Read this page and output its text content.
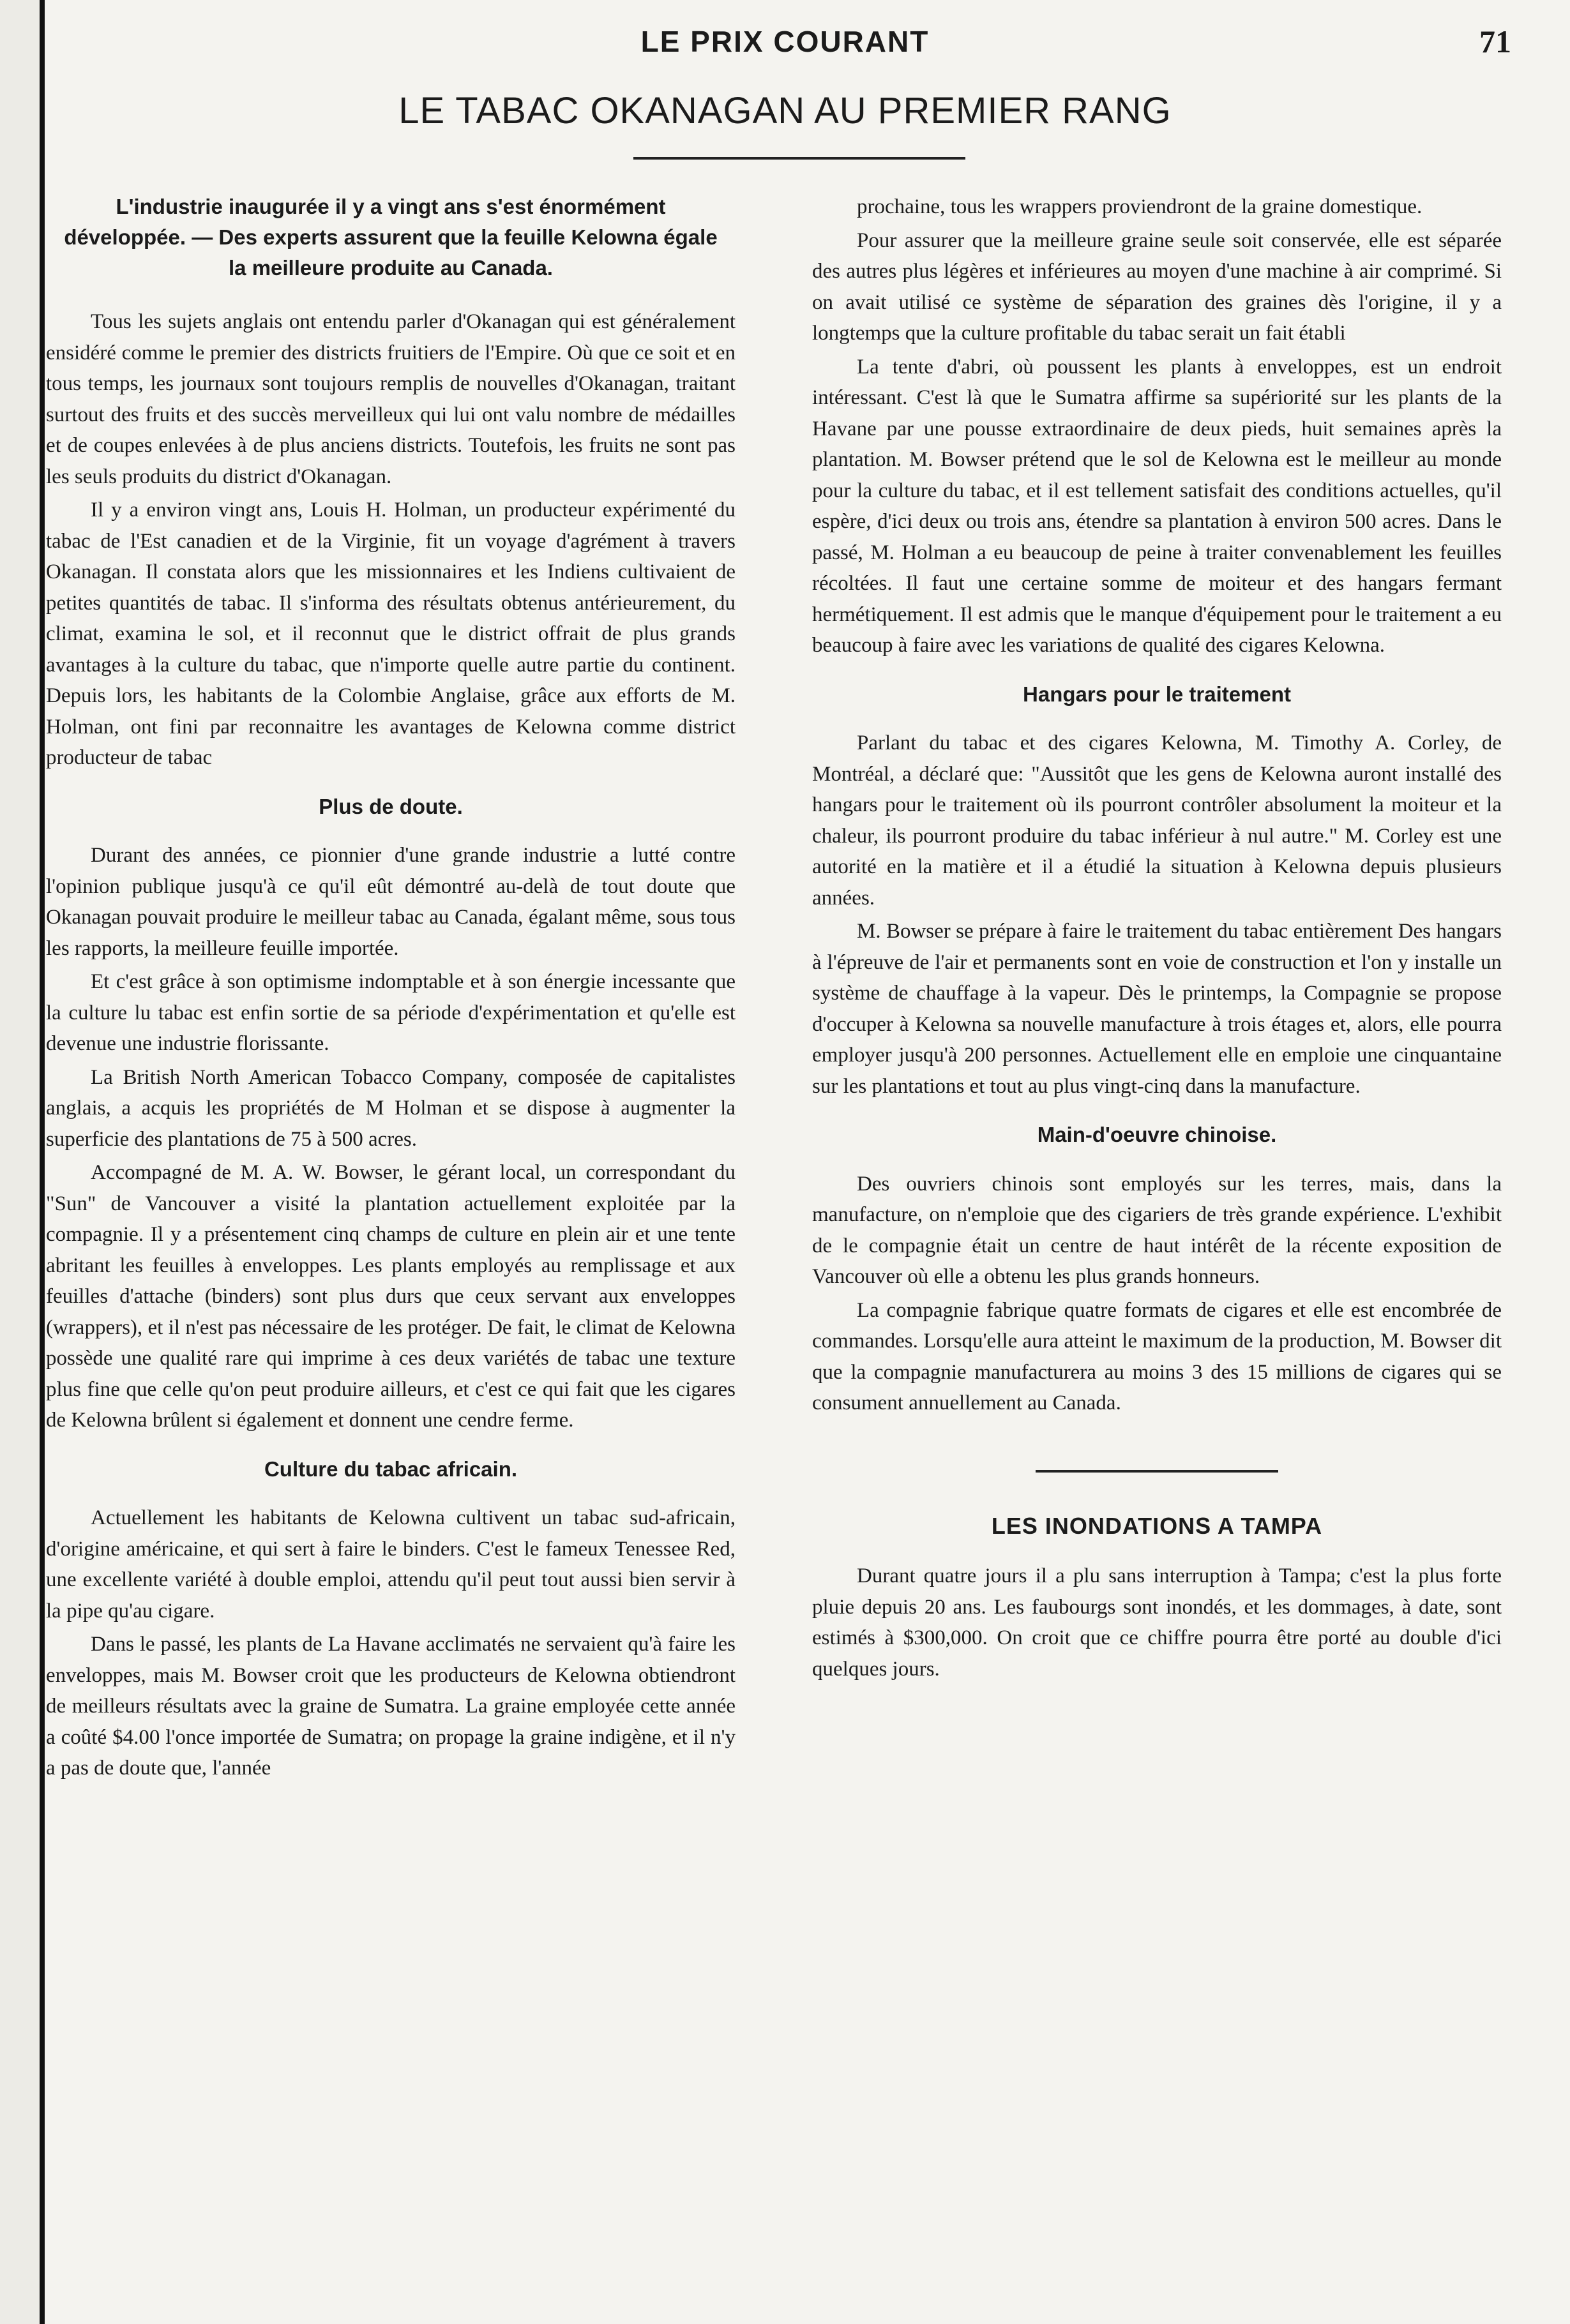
LE PRIX COURANT	71
LE TABAC OKANAGAN AU PREMIER RANG
L'industrie inaugurée il y a vingt ans s'est énormément développée. — Des experts assurent que la feuille Kelowna égale la meilleure produite au Canada.

Tous les sujets anglais ont entendu parler d'Okanagan qui est généralement ensidéré comme le premier des districts fruitiers de l'Empire. Où que ce soit et en tous temps, les journaux sont toujours remplis de nouvelles d'Okanagan, traitant surtout des fruits et des succès merveilleux qui lui ont valu nombre de médailles et de coupes enlevées à de plus anciens districts. Toutefois, les fruits ne sont pas les seuls produits du district d'Okanagan.

Il y a environ vingt ans, Louis H. Holman, un producteur expérimenté du tabac de l'Est canadien et de la Virginie, fit un voyage d'agrément à travers Okanagan. Il constata alors que les missionnaires et les Indiens cultivaient de petites quantités de tabac. Il s'informa des résultats obtenus antérieurement, du climat, examina le sol, et il reconnut que le district offrait de plus grands avantages à la culture du tabac, que n'importe quelle autre partie du continent. Depuis lors, les habitants de la Colombie Anglaise, grâce aux efforts de M. Holman, ont fini par reconnaitre les avantages de Kelowna comme district producteur de tabac

Plus de doute.

Durant des années, ce pionnier d'une grande industrie a lutté contre l'opinion publique jusqu'à ce qu'il eût démontré au-delà de tout doute que Okanagan pouvait produire le meilleur tabac au Canada, égalant même, sous tous les rapports, la meilleure feuille importée.

Et c'est grâce à son optimisme indomptable et à son énergie incessante que la culture lu tabac est enfin sortie de sa période d'expérimentation et qu'elle est devenue une industrie florissante.

La British North American Tobacco Company, composée de capitalistes anglais, a acquis les propriétés de M Holman et se dispose à augmenter la superficie des plantations de 75 à 500 acres.

Accompagné de M. A. W. Bowser, le gérant local, un correspondant du "Sun" de Vancouver a visité la plantation actuellement exploitée par la compagnie. Il y a présentement cinq champs de culture en plein air et une tente abritant les feuilles à enveloppes. Les plants employés au remplissage et aux feuilles d'attache (binders) sont plus durs que ceux servant aux enveloppes (wrappers), et il n'est pas nécessaire de les protéger. De fait, le climat de Kelowna possède une qualité rare qui imprime à ces deux variétés de tabac une texture plus fine que celle qu'on peut produire ailleurs, et c'est ce qui fait que les cigares de Kelowna brûlent si également et donnent une cendre ferme.

Culture du tabac africain.

Actuellement les habitants de Kelowna cultivent un tabac sud-africain, d'origine américaine, et qui sert à faire le binders. C'est le fameux Tenessee Red, une excellente variété à double emploi, attendu qu'il peut tout aussi bien servir à la pipe qu'au cigare.

Dans le passé, les plants de La Havane acclimatés ne servaient qu'à faire les enveloppes, mais M. Bowser croit que les producteurs de Kelowna obtiendront de meilleurs résultats avec la graine de Sumatra. La graine employée cette année a coûté $4.00 l'once importée de Sumatra; on propage la graine indigène, et il n'y a pas de doute que, l'année

prochaine, tous les wrappers proviendront de la graine domestique.

Pour assurer que la meilleure graine seule soit conservée, elle est séparée des autres plus légères et inférieures au moyen d'une machine à air comprimé. Si on avait utilisé ce système de séparation des graines dès l'origine, il y a longtemps que la culture profitable du tabac serait un fait établi

La tente d'abri, où poussent les plants à enveloppes, est un endroit intéressant. C'est là que le Sumatra affirme sa supériorité sur les plants de la Havane par une pousse extraordinaire de deux pieds, huit semaines après la plantation. M. Bowser prétend que le sol de Kelowna est le meilleur au monde pour la culture du tabac, et il est tellement satisfait des conditions actuelles, qu'il espère, d'ici deux ou trois ans, étendre sa plantation à environ 500 acres. Dans le passé, M. Holman a eu beaucoup de peine à traiter convenablement les feuilles récoltées. Il faut une certaine somme de moiteur et des hangars fermant hermétiquement. Il est admis que le manque d'équipement pour le traitement a eu beaucoup à faire avec les variations de qualité des cigares Kelowna.

Hangars pour le traitement

Parlant du tabac et des cigares Kelowna, M. Timothy A. Corley, de Montréal, a déclaré que: "Aussitôt que les gens de Kelowna auront installé des hangars pour le traitement où ils pourront contrôler absolument la moiteur et la chaleur, ils pourront produire du tabac inférieur à nul autre." M. Corley est une autorité en la matière et il a étudié la situation à Kelowna depuis plusieurs années.

M. Bowser se prépare à faire le traitement du tabac entièrement Des hangars à l'épreuve de l'air et permanents sont en voie de construction et l'on y installe un système de chauffage à la vapeur. Dès le printemps, la Compagnie se propose d'occuper à Kelowna sa nouvelle manufacture à trois étages et, alors, elle pourra employer jusqu'à 200 personnes. Actuellement elle en emploie une cinquantaine sur les plantations et tout au plus vingt-cinq dans la manufacture.

Main-d'oeuvre chinoise.

Des ouvriers chinois sont employés sur les terres, mais, dans la manufacture, on n'emploie que des cigariers de très grande expérience. L'exhibit de le compagnie était un centre de haut intérêt de la récente exposition de Vancouver où elle a obtenu les plus grands honneurs.

La compagnie fabrique quatre formats de cigares et elle est encombrée de commandes. Lorsqu'elle aura atteint le maximum de la production, M. Bowser dit que la compagnie manufacturera au moins 3 des 15 millions de cigares qui se consument annuellement au Canada.

LES INONDATIONS A TAMPA

Durant quatre jours il a plu sans interruption à Tampa; c'est la plus forte pluie depuis 20 ans. Les faubourgs sont inondés, et les dommages, à date, sont estimés à $300,000. On croit que ce chiffre pourra être porté au double d'ici quelques jours.
